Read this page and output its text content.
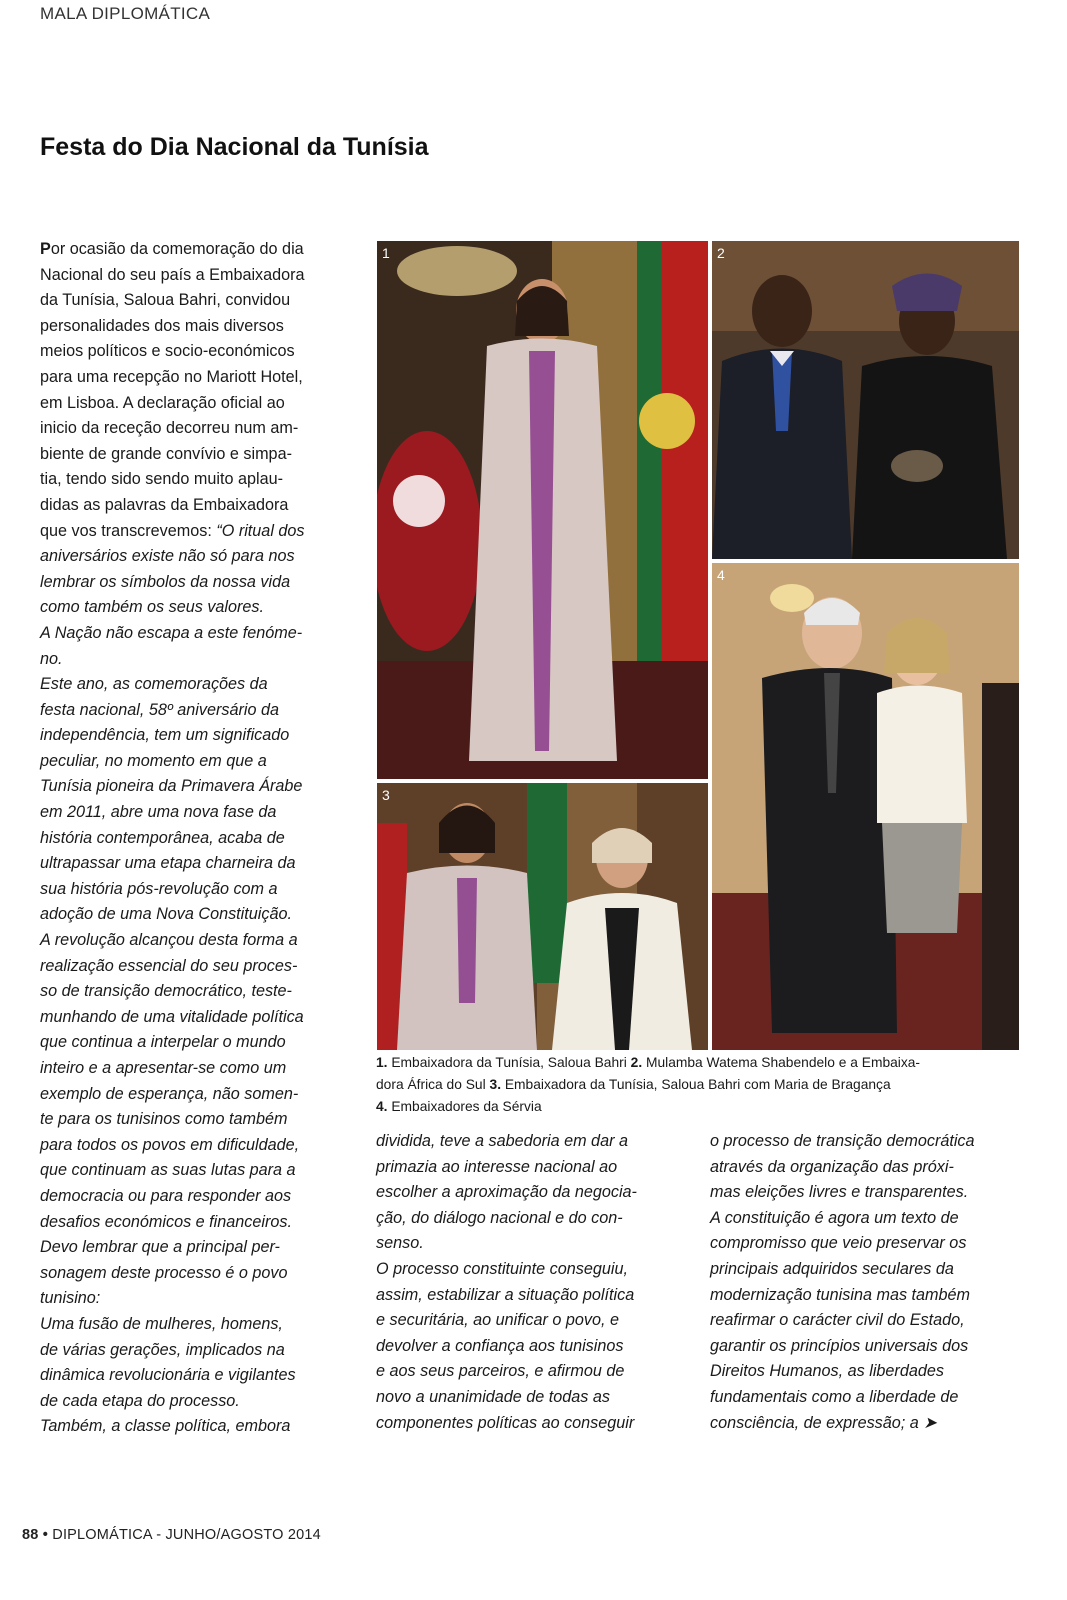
MALA DIPLOMÁTICA
Festa do Dia Nacional da Tunísia
Por ocasião da comemoração do dia
Nacional do seu país a Embaixadora
da Tunísia, Saloua Bahri, convidou
personalidades dos mais diversos
meios políticos e socio-económicos
para uma recepção no Mariott Hotel,
em Lisboa. A declaração oficial ao
inicio da receção decorreu num am-
biente de grande convívio e simpa-
tia, tendo sido sendo muito aplau-
didas as palavras da Embaixadora
que vos transcrevemos: “O ritual dos
aniversários existe não só para nos
lembrar os símbolos da nossa vida
como também os seus valores.
A Nação não escapa a este fenóme-
no.
Este ano, as comemorações da
festa nacional, 58º aniversário da
independência, tem um significado
peculiar, no momento em que a
Tunísia pioneira da Primavera Árabe
em 2011, abre uma nova fase da
história contemporânea, acaba de
ultrapassar uma etapa charneira da
sua história pós-revolução com a
adoção de uma Nova Constituição.
A revolução alcançou desta forma a
realização essencial do seu proces-
so de transição democrático, teste-
munhando de uma vitalidade política
que continua a interpelar o mundo
inteiro e a apresentar-se como um
exemplo de esperança, não somen-
te para os tunisinos como também
para todos os povos em dificuldade,
que continuam as suas lutas para a
democracia ou para responder aos
desafios económicos e financeiros.
Devo lembrar que a principal per-
sonagem deste processo é o povo
tunisino:
Uma fusão de mulheres, homens,
de várias gerações, implicados na
dinâmica revolucionária e vigilantes
de cada etapa do processo.
Também, a classe política, embora
1	2
3
4
1. Embaixadora da Tunísia, Saloua Bahri 2. Mulamba Watema Shabendelo e a Embaixa-
dora África do Sul 3. Embaixadora da Tunísia, Saloua Bahri com Maria de Bragança
4. Embaixadores da Sérvia
dividida, teve a sabedoria em dar a
primazia ao interesse nacional ao
escolher a aproximação da negocia-
ção, do diálogo nacional e do con-
senso.
O processo constituinte conseguiu,
assim, estabilizar a situação política
e securitária, ao unificar o povo, e
devolver a confiança aos tunisinos
e aos seus parceiros, e afirmou de
novo a unanimidade de todas as
componentes políticas ao conseguir
o processo de transição democrática
através da organização das próxi-
mas eleições livres e transparentes.
A constituição é agora um texto de
compromisso que veio preservar os
principais adquiridos seculares da
modernização tunisina mas também
reafirmar o carácter civil do Estado,
garantir os princípios universais dos
Direitos Humanos, as liberdades
fundamentais como a liberdade de
consciência, de expressão; a ➤
88 • DIPLOMÁTICA - JUNHO/AGOSTO 2014
